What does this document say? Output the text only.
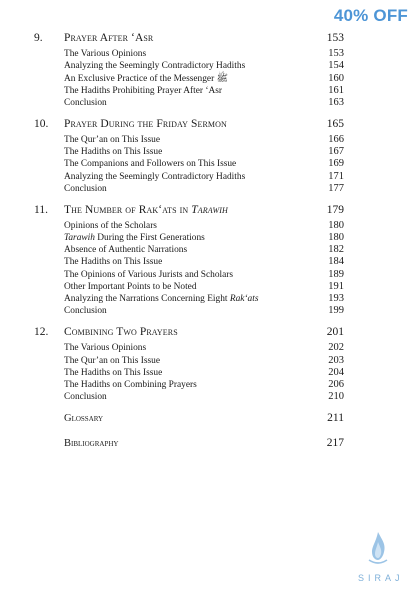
40% OFF
9.	Prayer After ‘Asr	153
The Various Opinions	153
Analyzing the Seemingly Contradictory Hadiths	154
An Exclusive Practice of the Messenger ﷺ	160
The Hadiths Prohibiting Prayer After ‘Asr	161
Conclusion	163
10.	Prayer During the Friday Sermon	165
The Qur’an on This Issue	166
The Hadiths on This Issue	167
The Companions and Followers on This Issue	169
Analyzing the Seemingly Contradictory Hadiths	171
Conclusion	177
11.	The Number of Rak‘ats in Tarawih	179
Opinions of the Scholars	180
Tarawih During the First Generations	180
Absence of Authentic Narrations	182
The Hadiths on This Issue	184
The Opinions of Various Jurists and Scholars	189
Other Important Points to be Noted	191
Analyzing the Narrations Concerning Eight Rak‘ats	193
Conclusion	199
12.	Combining Two Prayers	201
The Various Opinions	202
The Qur’an on This Issue	203
The Hadiths on This Issue	204
The Hadiths on Combining Prayers	206
Conclusion	210
Glossary	211
Bibliography	217
SIRAJ
